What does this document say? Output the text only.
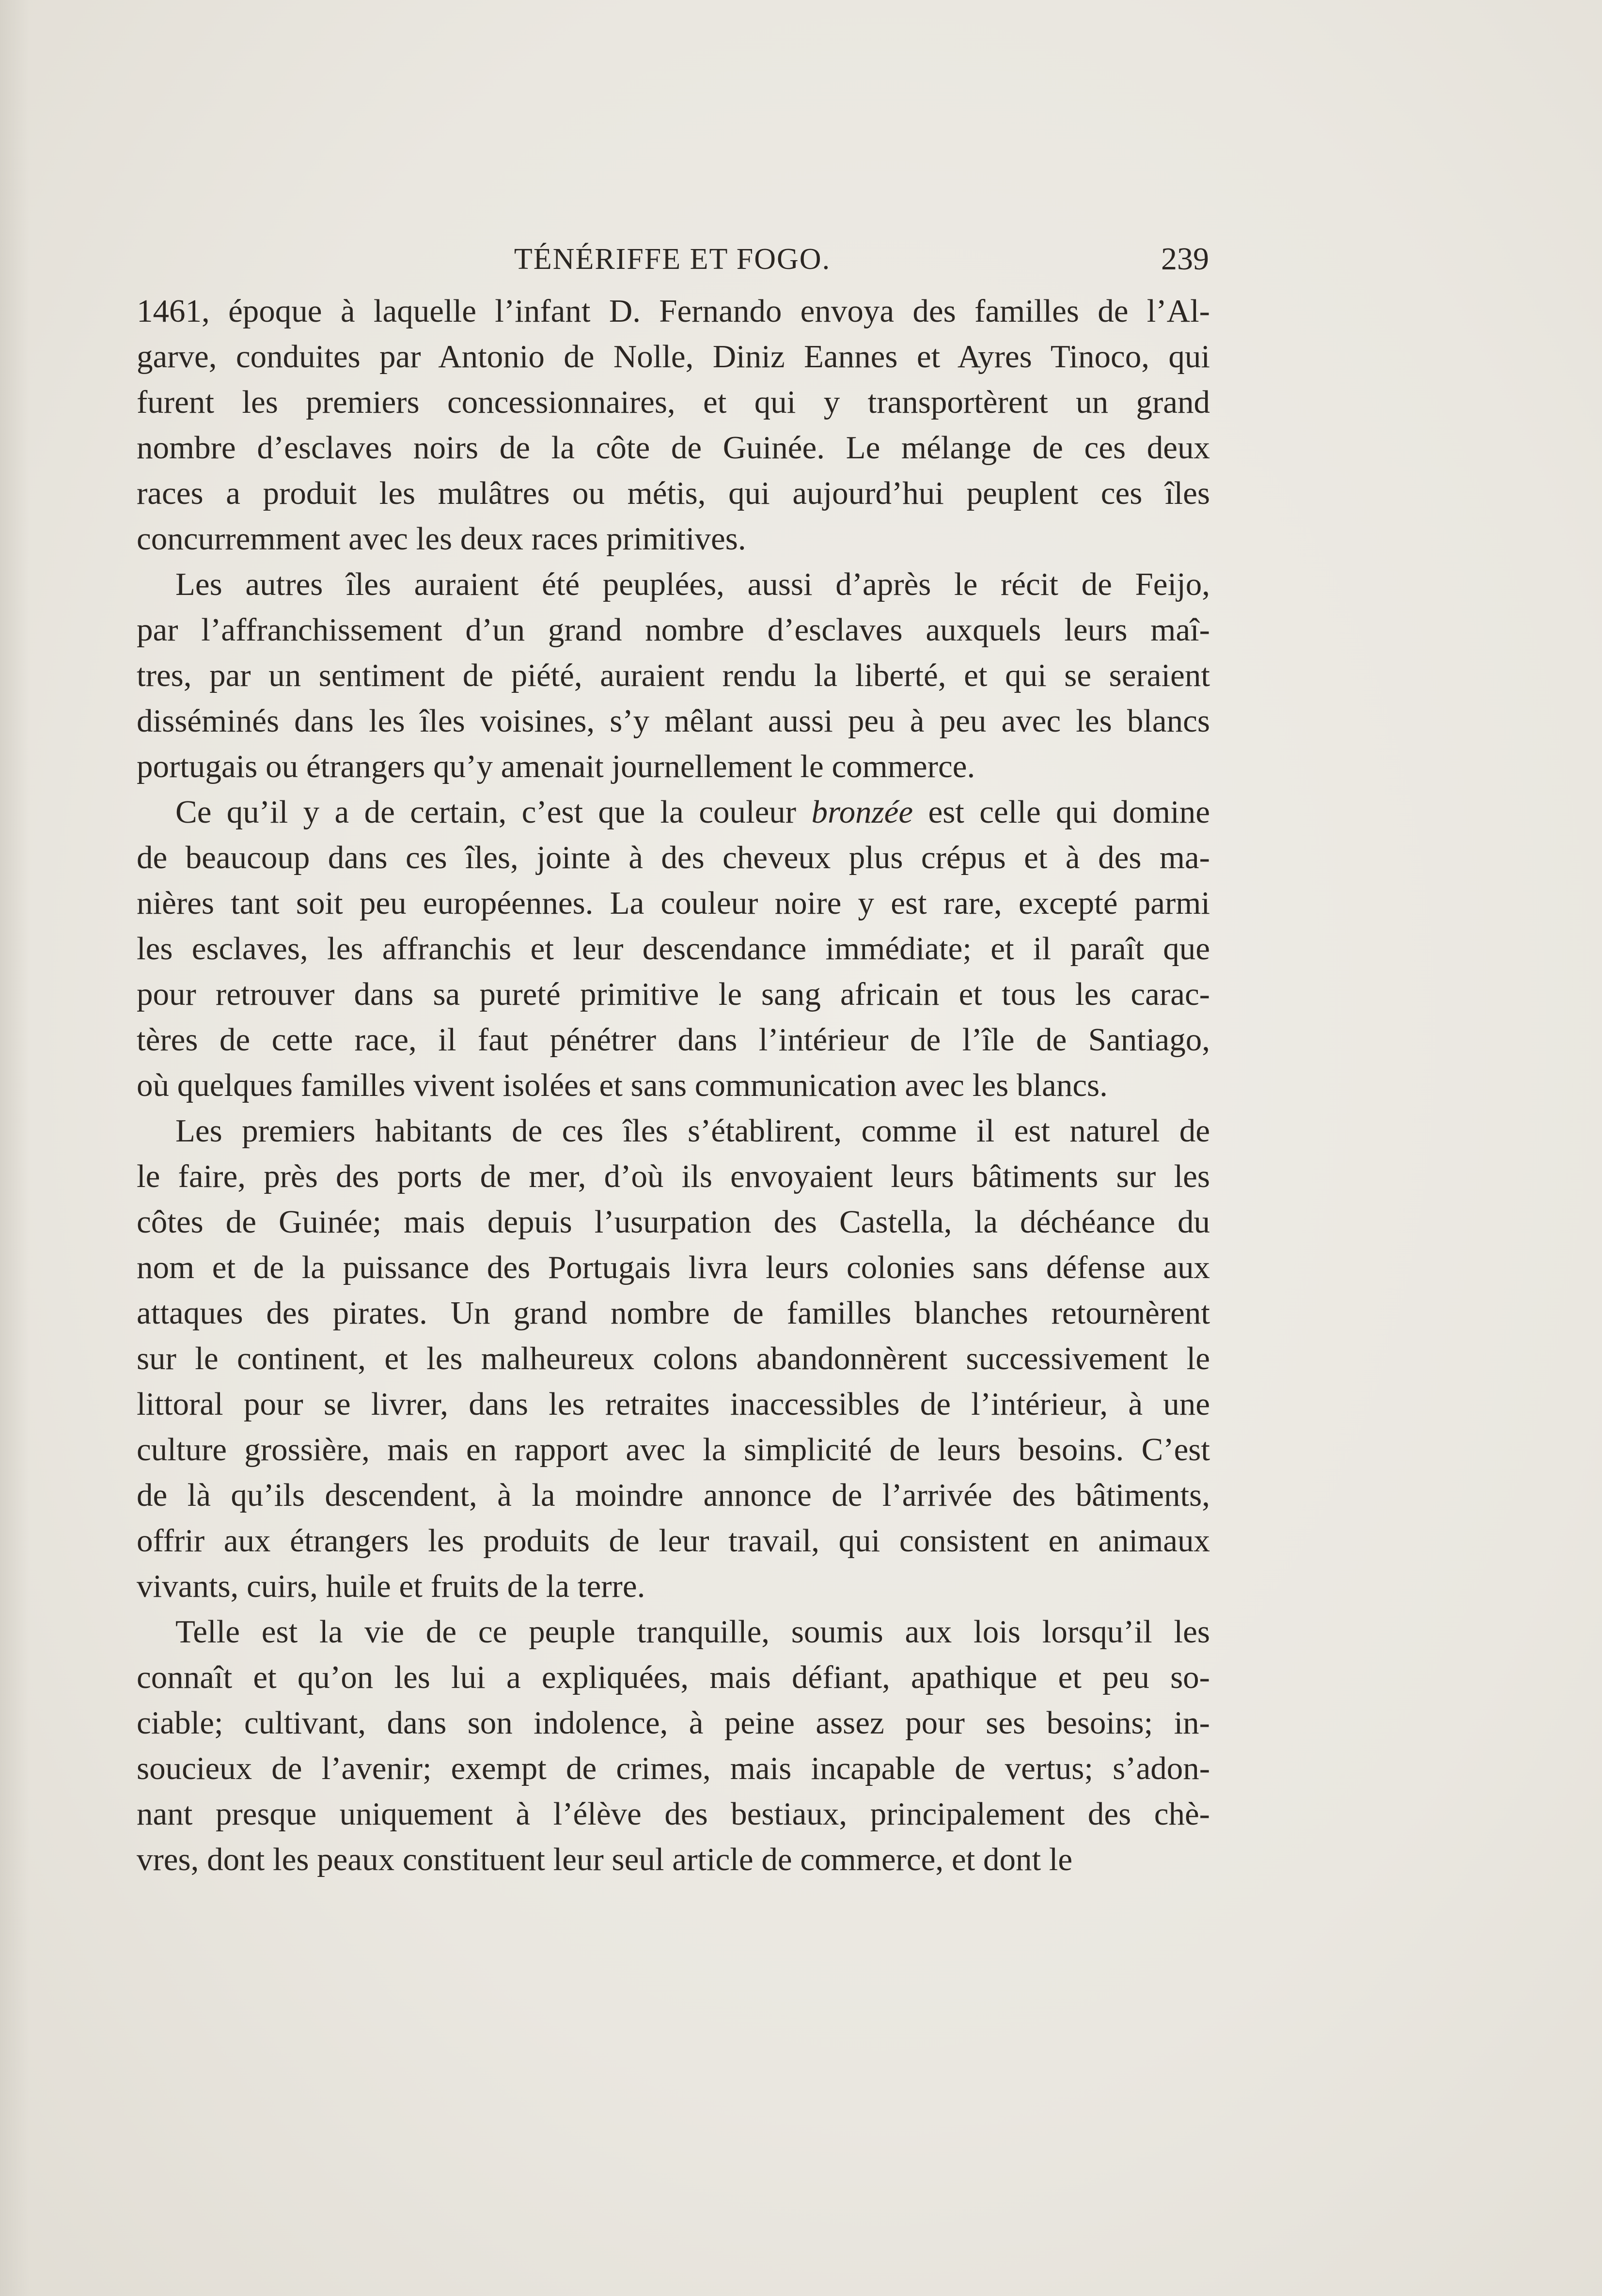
TÉNÉRIFFE ET FOGO.	239
1461, époque à laquelle l’infant D. Fernando envoya des familles de l’Al-
garve, conduites par Antonio de Nolle, Diniz Eannes et Ayres Tinoco, qui
furent les premiers concessionnaires, et qui y transportèrent un grand
nombre d’esclaves noirs de la côte de Guinée. Le mélange de ces deux
races a produit les mulâtres ou métis, qui aujourd’hui peuplent ces îles
concurremment avec les deux races primitives.
Les autres îles auraient été peuplées, aussi d’après le récit de Feijo,
par l’affranchissement d’un grand nombre d’esclaves auxquels leurs maî-
tres, par un sentiment de piété, auraient rendu la liberté, et qui se seraient
disséminés dans les îles voisines, s’y mêlant aussi peu à peu avec les blancs
portugais ou étrangers qu’y amenait journellement le commerce.
Ce qu’il y a de certain, c’est que la couleur bronzée est celle qui domine
de beaucoup dans ces îles, jointe à des cheveux plus crépus et à des ma-
nières tant soit peu européennes. La couleur noire y est rare, excepté parmi
les esclaves, les affranchis et leur descendance immédiate; et il paraît que
pour retrouver dans sa pureté primitive le sang africain et tous les carac-
tères de cette race, il faut pénétrer dans l’intérieur de l’île de Santiago,
où quelques familles vivent isolées et sans communication avec les blancs.
Les premiers habitants de ces îles s’établirent, comme il est naturel de
le faire, près des ports de mer, d’où ils envoyaient leurs bâtiments sur les
côtes de Guinée; mais depuis l’usurpation des Castella, la déchéance du
nom et de la puissance des Portugais livra leurs colonies sans défense aux
attaques des pirates. Un grand nombre de familles blanches retournèrent
sur le continent, et les malheureux colons abandonnèrent successivement le
littoral pour se livrer, dans les retraites inaccessibles de l’intérieur, à une
culture grossière, mais en rapport avec la simplicité de leurs besoins. C’est
de là qu’ils descendent, à la moindre annonce de l’arrivée des bâtiments,
offrir aux étrangers les produits de leur travail, qui consistent en animaux
vivants, cuirs, huile et fruits de la terre.
Telle est la vie de ce peuple tranquille, soumis aux lois lorsqu’il les
connaît et qu’on les lui a expliquées, mais défiant, apathique et peu so-
ciable; cultivant, dans son indolence, à peine assez pour ses besoins; in-
soucieux de l’avenir; exempt de crimes, mais incapable de vertus; s’adon-
nant presque uniquement à l’élève des bestiaux, principalement des chè-
vres, dont les peaux constituent leur seul article de commerce, et dont le
